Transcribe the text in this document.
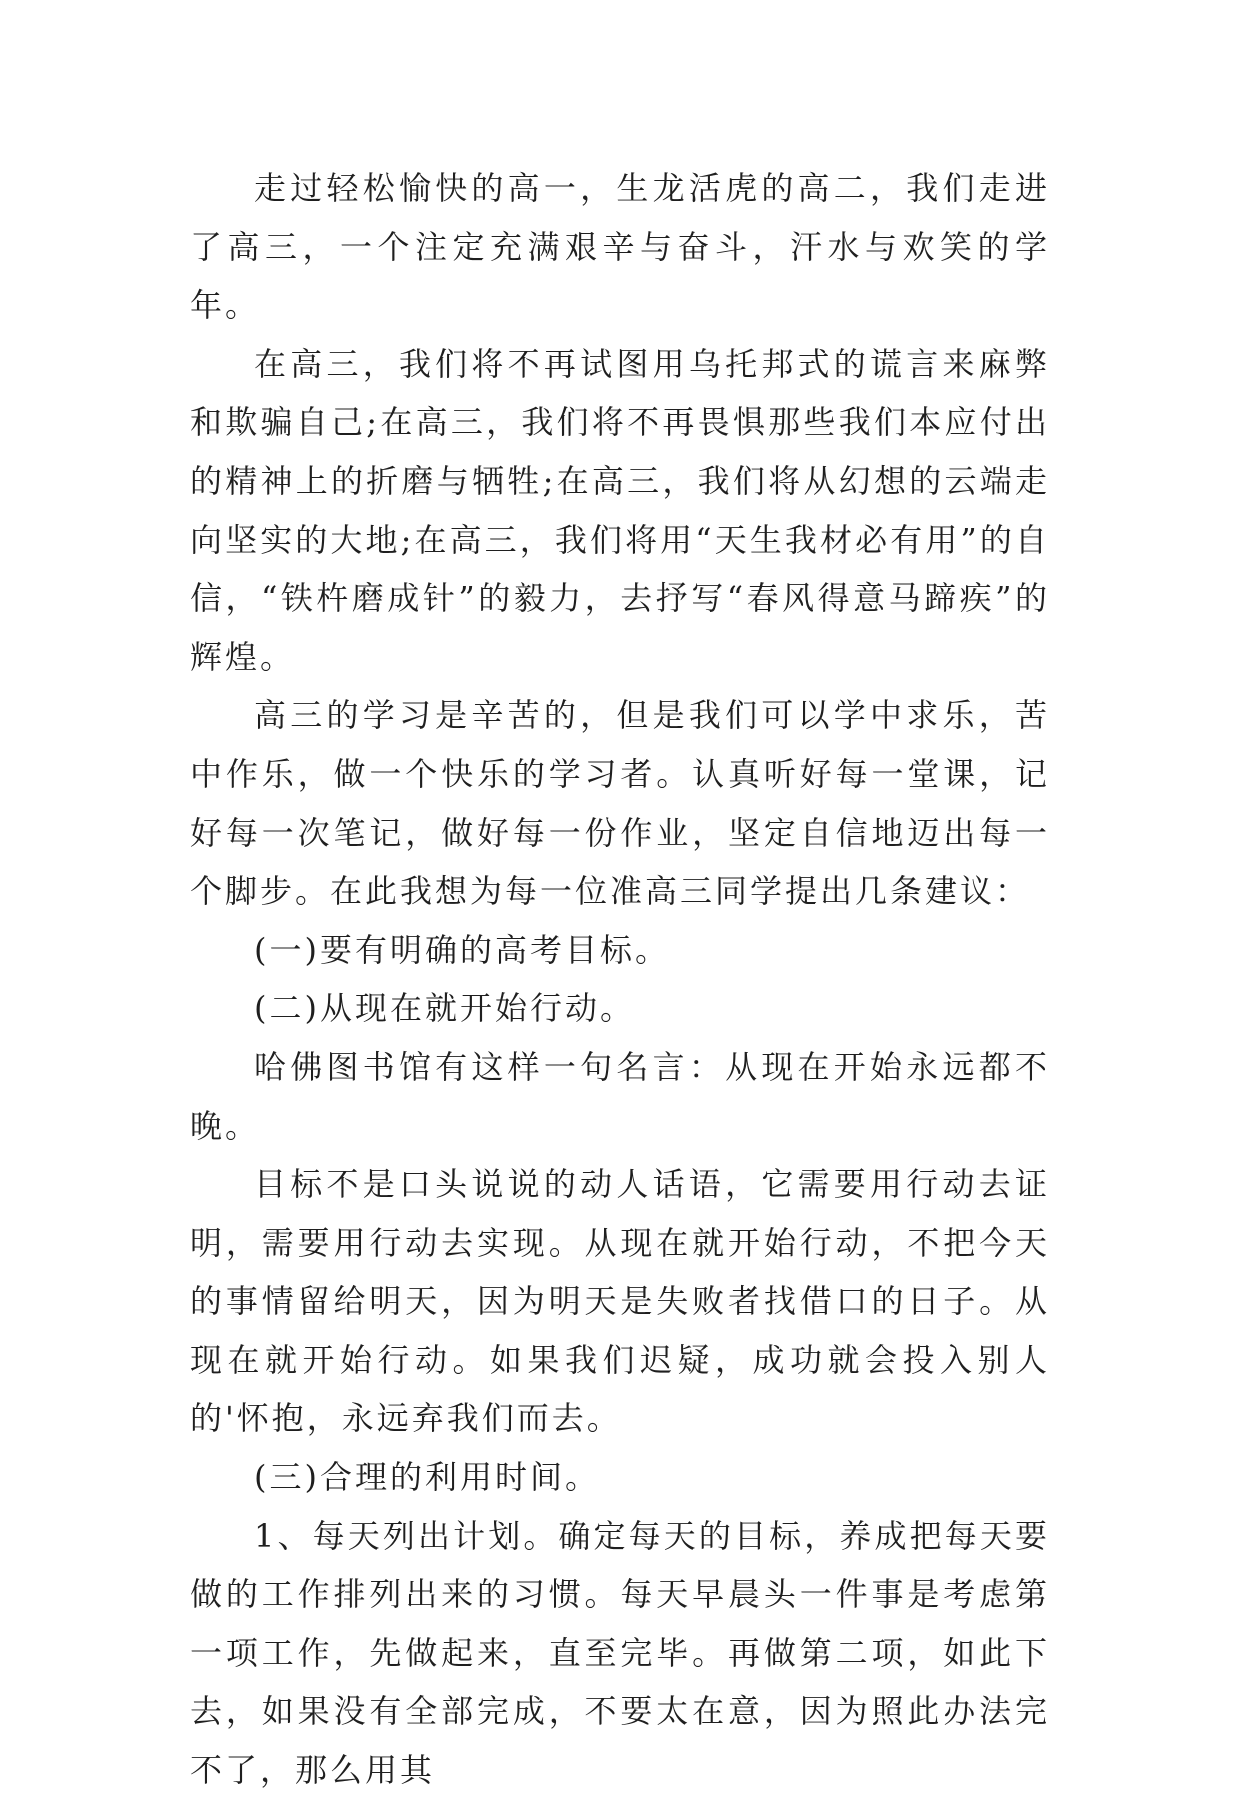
走过轻松愉快的高一，生龙活虎的高二，我们走进了高三，一个注定充满艰辛与奋斗，汗水与欢笑的学年。

在高三，我们将不再试图用乌托邦式的谎言来麻弊和欺骗自己;在高三，我们将不再畏惧那些我们本应付出的精神上的折磨与牺牲;在高三，我们将从幻想的云端走向坚实的大地;在高三，我们将用“天生我材必有用”的自信，“铁杵磨成针”的毅力，去抒写“春风得意马蹄疾”的辉煌。

高三的学习是辛苦的，但是我们可以学中求乐，苦中作乐，做一个快乐的学习者。认真听好每一堂课，记好每一次笔记，做好每一份作业，坚定自信地迈出每一个脚步。在此我想为每一位准高三同学提出几条建议：

(一)要有明确的高考目标。

(二)从现在就开始行动。

哈佛图书馆有这样一句名言：从现在开始永远都不晚。

目标不是口头说说的动人话语，它需要用行动去证明，需要用行动去实现。从现在就开始行动，不把今天的事情留给明天，因为明天是失败者找借口的日子。从现在就开始行动。如果我们迟疑，成功就会投入别人的'怀抱，永远弃我们而去。

(三)合理的利用时间。

1、每天列出计划。确定每天的目标，养成把每天要做的工作排列出来的习惯。每天早晨头一件事是考虑第一项工作，先做起来，直至完毕。再做第二项，如此下去，如果没有全部完成，不要太在意，因为照此办法完不了，那么用其
